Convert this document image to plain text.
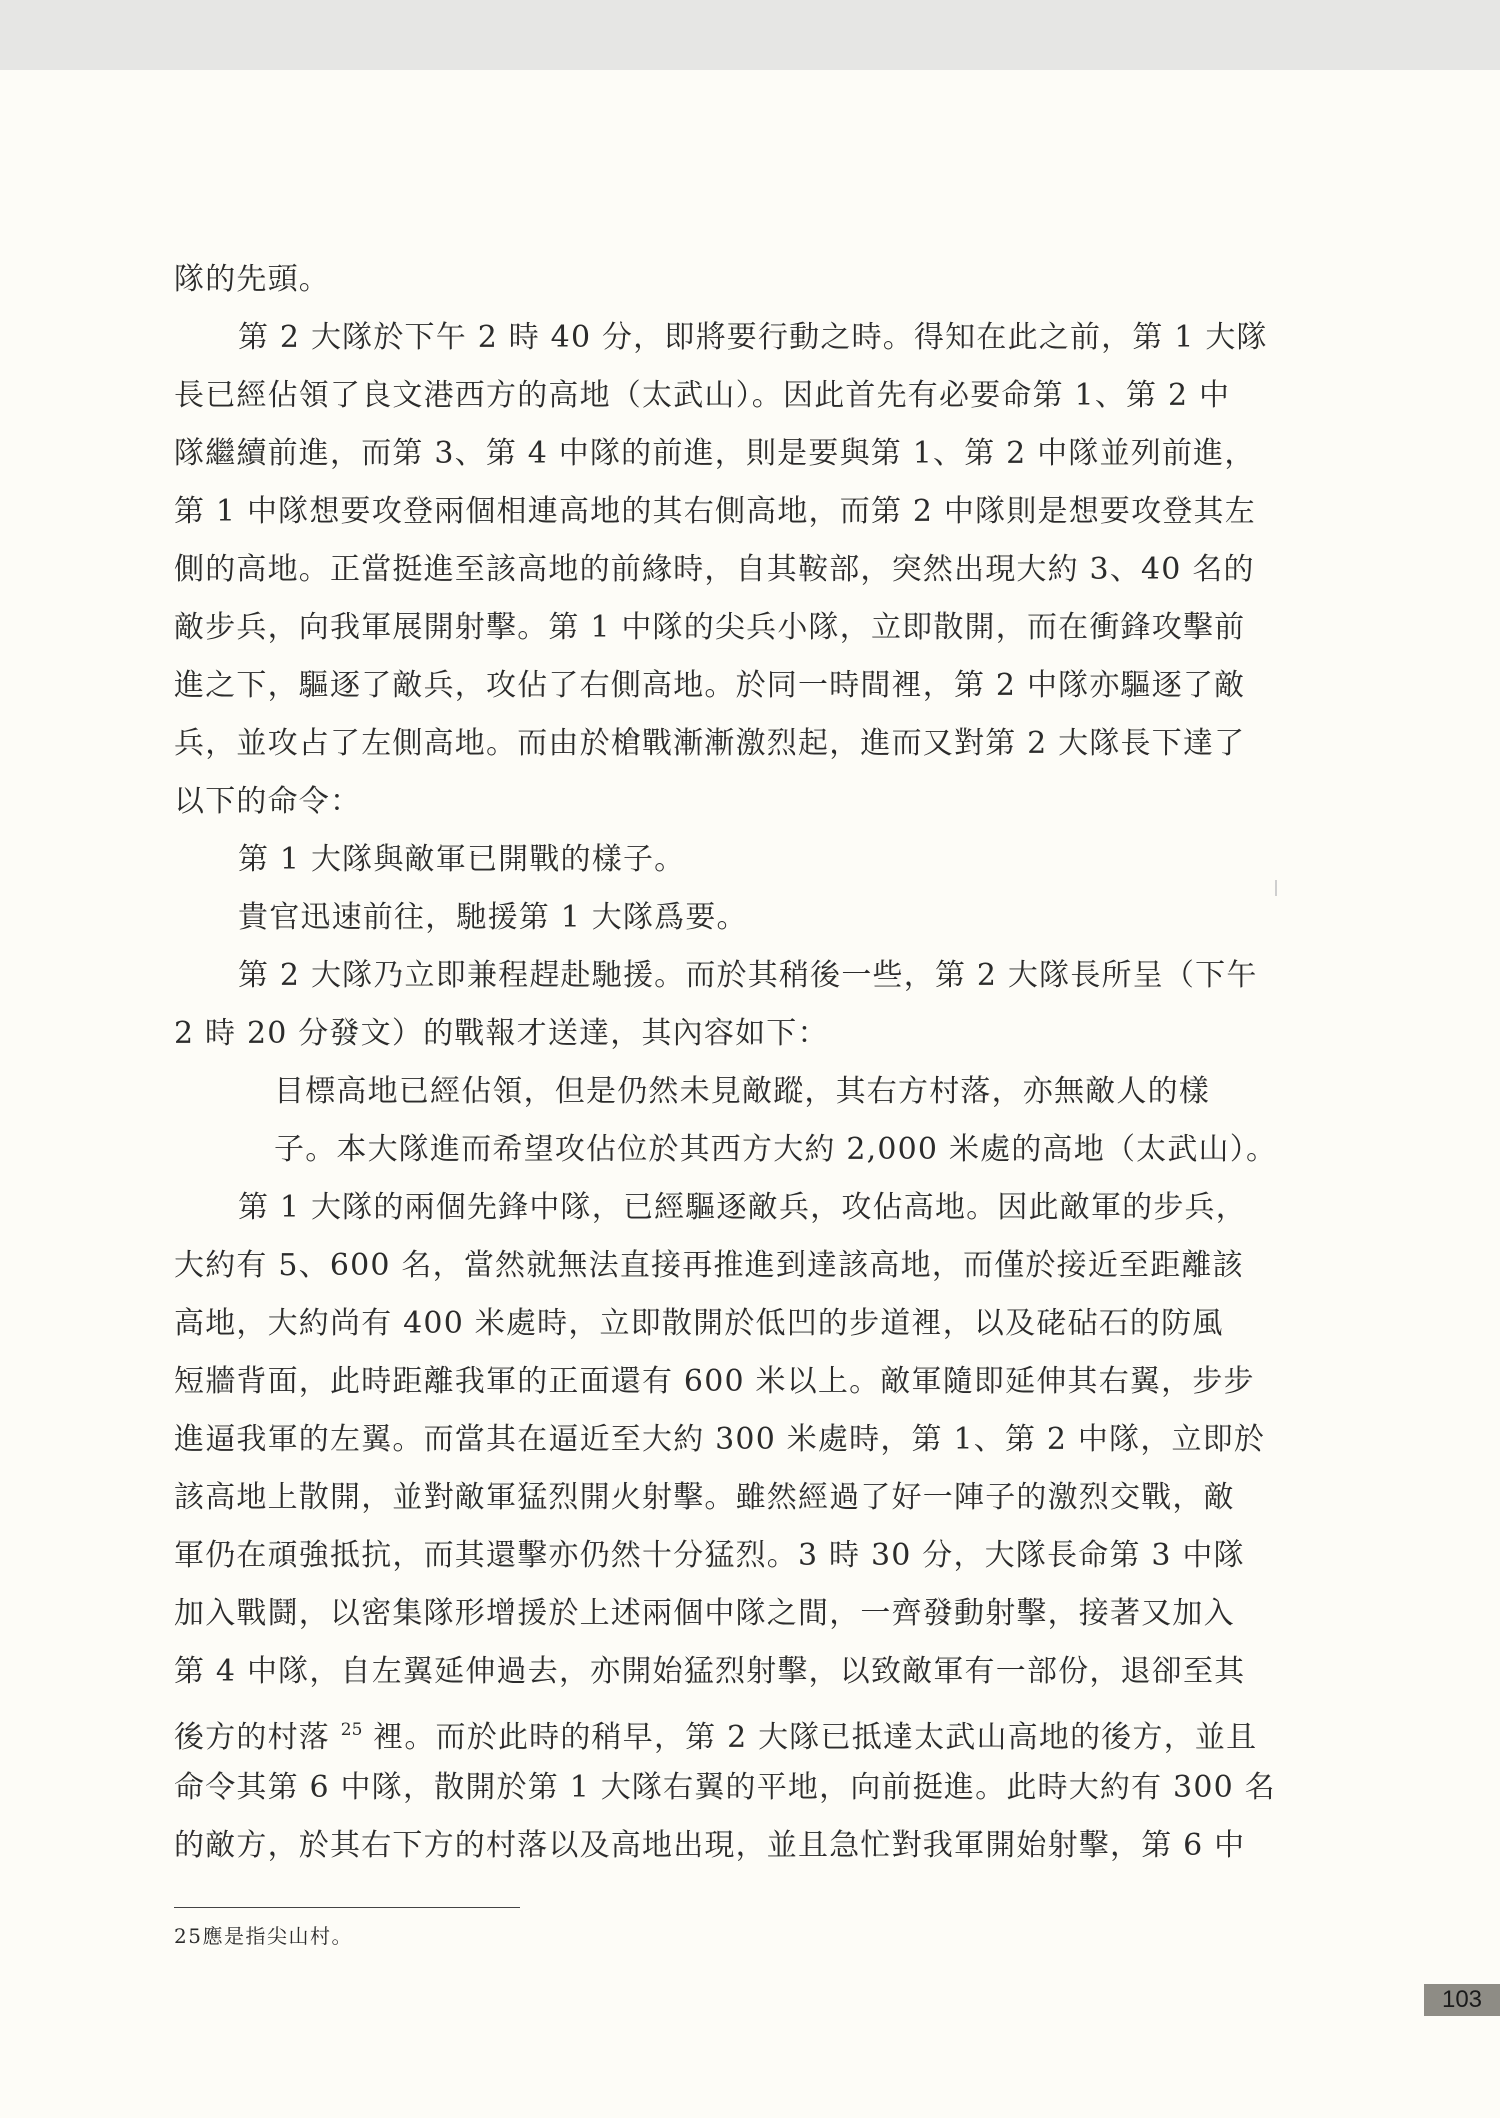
隊的先頭。
第 2 大隊於下午 2 時 40 分，即將要行動之時。得知在此之前，第 1 大隊
長已經佔領了良文港西方的高地（太武山）。因此首先有必要命第 1、第 2 中
隊繼續前進，而第 3、第 4 中隊的前進，則是要與第 1、第 2 中隊並列前進，
第 1 中隊想要攻登兩個相連高地的其右側高地，而第 2 中隊則是想要攻登其左
側的高地。正當挺進至該高地的前緣時，自其鞍部，突然出現大約 3、40 名的
敵步兵，向我軍展開射擊。第 1 中隊的尖兵小隊，立即散開，而在衝鋒攻擊前
進之下，驅逐了敵兵，攻佔了右側高地。於同一時間裡，第 2 中隊亦驅逐了敵
兵，並攻占了左側高地。而由於槍戰漸漸激烈起，進而又對第 2 大隊長下達了
以下的命令：
第 1 大隊與敵軍已開戰的樣子。
貴官迅速前往，馳援第 1 大隊爲要。
第 2 大隊乃立即兼程趕赴馳援。而於其稍後一些，第 2 大隊長所呈（下午
2 時 20 分發文）的戰報才送達，其內容如下：
目標高地已經佔領，但是仍然未見敵蹤，其右方村落，亦無敵人的樣
子。本大隊進而希望攻佔位於其西方大約 2,000 米處的高地（太武山）。
第 1 大隊的兩個先鋒中隊，已經驅逐敵兵，攻佔高地。因此敵軍的步兵，
大約有 5、600 名，當然就無法直接再推進到達該高地，而僅於接近至距離該
高地，大約尚有 400 米處時，立即散開於低凹的步道裡，以及硓砧石的防風
短牆背面，此時距離我軍的正面還有 600 米以上。敵軍隨即延伸其右翼，步步
進逼我軍的左翼。而當其在逼近至大約 300 米處時，第 1、第 2 中隊，立即於
該高地上散開，並對敵軍猛烈開火射擊。雖然經過了好一陣子的激烈交戰，敵
軍仍在頑強抵抗，而其還擊亦仍然十分猛烈。3 時 30 分，大隊長命第 3 中隊
加入戰鬪，以密集隊形增援於上述兩個中隊之間，一齊發動射擊，接著又加入
第 4 中隊，自左翼延伸過去，亦開始猛烈射擊，以致敵軍有一部份，退卻至其
後方的村落 $^{25}$ 裡。而於此時的稍早，第 2 大隊已抵達太武山高地的後方，並且
命令其第 6 中隊，散開於第 1 大隊右翼的平地，向前挺進。此時大約有 300 名
的敵方，於其右下方的村落以及高地出現，並且急忙對我軍開始射擊，第 6 中
25應是指尖山村。
103
